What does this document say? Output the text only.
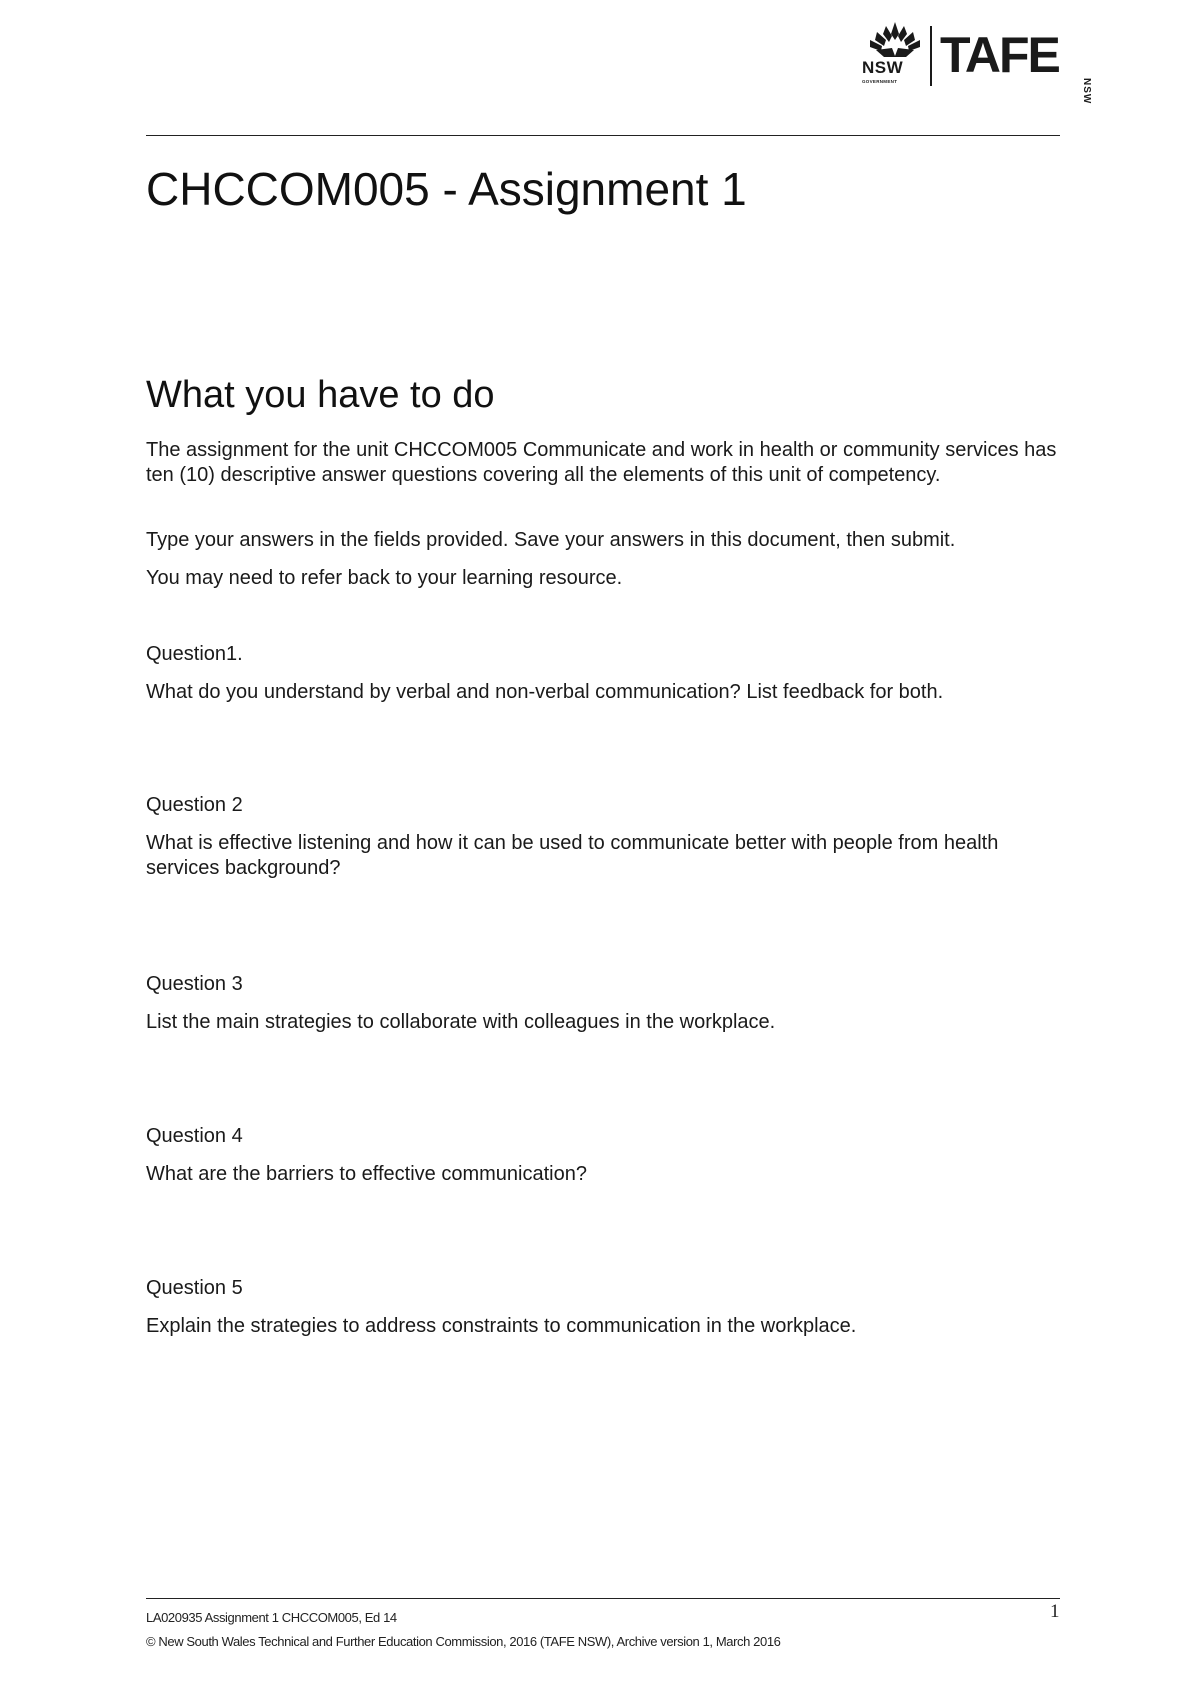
NSW
GOVERNMENT TAFE
NSW
CHCCOM005 - Assignment 1
What you have to do

The assignment for the unit CHCCOM005 Communicate and work in health or community services has ten (10) descriptive answer questions covering all the elements of this unit of competency.

Type your answers in the fields provided. Save your answers in this document, then submit.

You may need to refer back to your learning resource.

Question1.

What do you understand by verbal and non-verbal communication? List feedback for both.

Question 2

What is effective listening and how it can be used to communicate better with people from health services background?

Question 3

List the main strategies to collaborate with colleagues in the workplace.

Question 4

What are the barriers to effective communication?

Question 5

Explain the strategies to address constraints to communication in the workplace.

LA020935 Assignment 1 CHCCOM005, Ed 14	1
© New South Wales Technical and Further Education Commission, 2016 (TAFE NSW), Archive version 1, March 2016
